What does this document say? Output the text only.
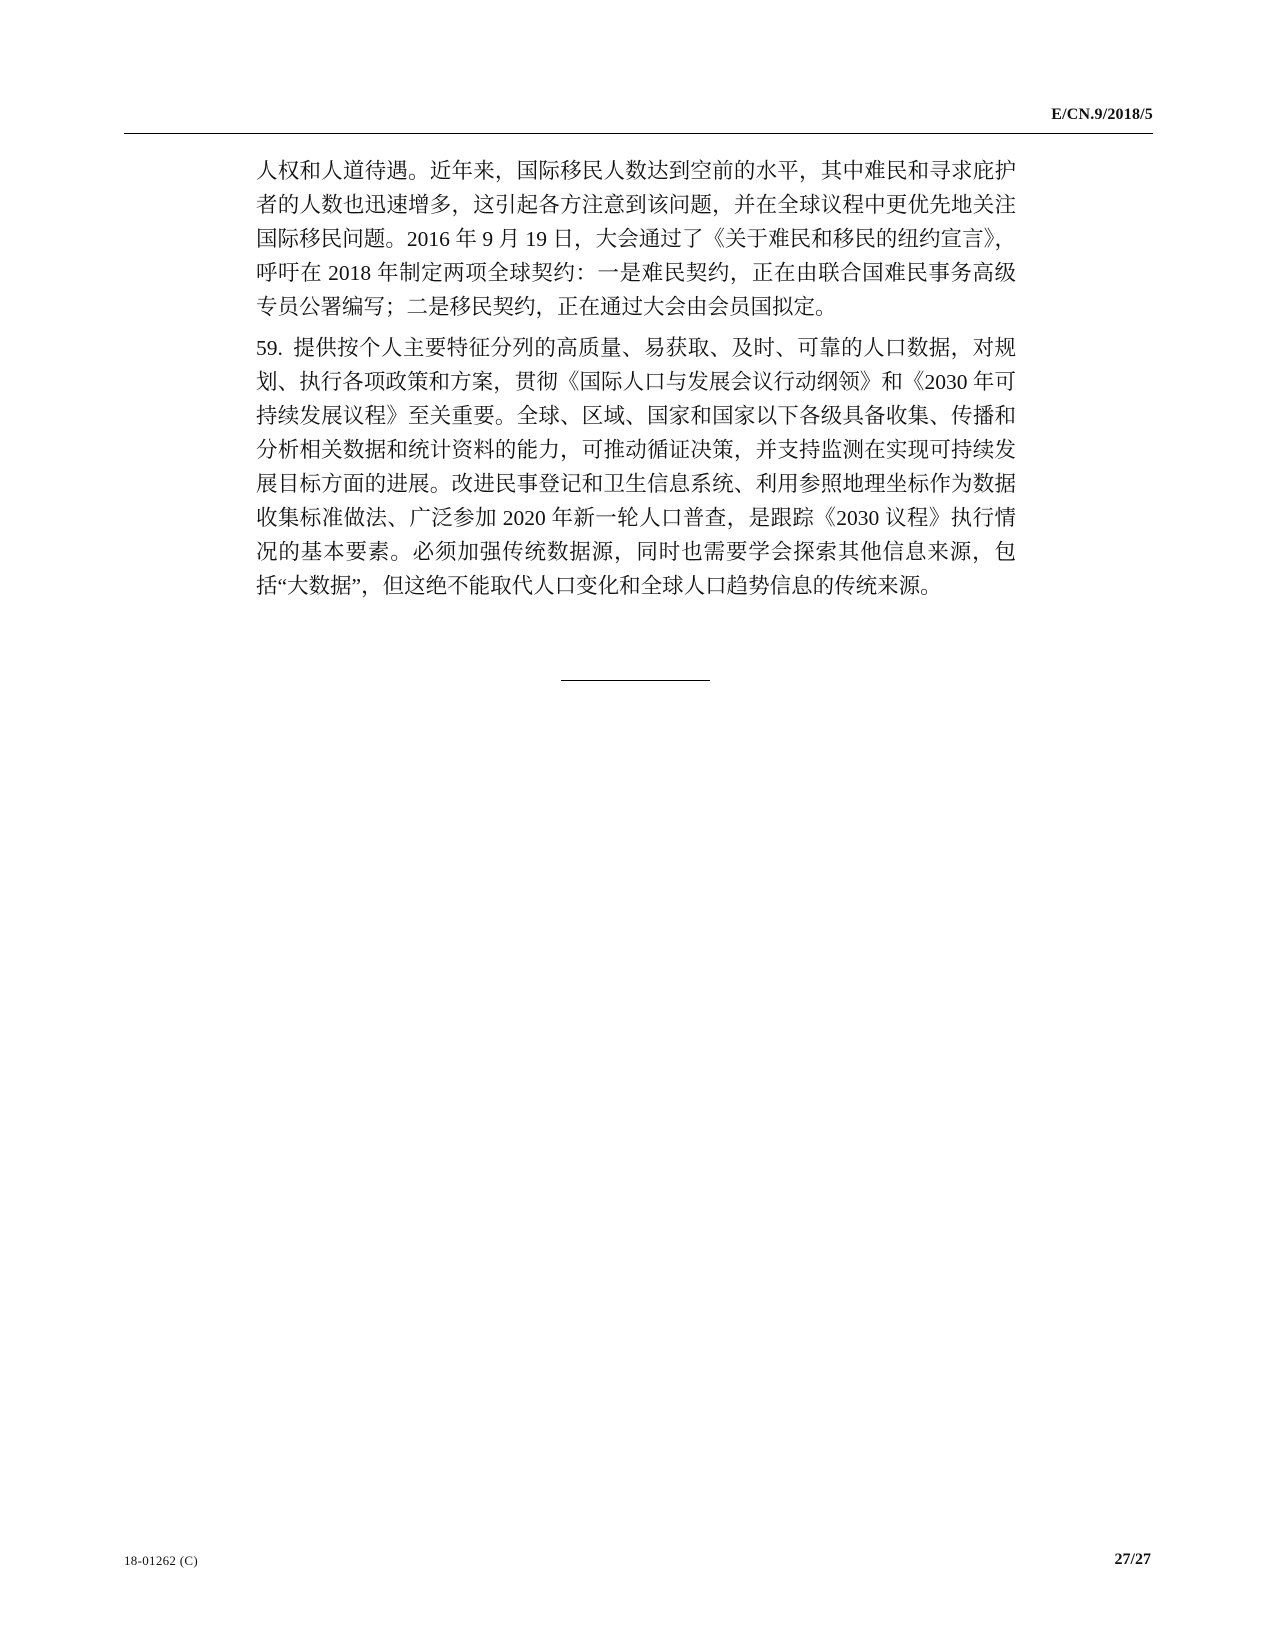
E/CN.9/2018/5

人权和人道待遇。近年来，国际移民人数达到空前的水平，其中难民和寻求庇护者的人数也迅速增多，这引起各方注意到该问题，并在全球议程中更优先地关注国际移民问题。2016 年 9 月 19 日，大会通过了《关于难民和移民的纽约宣言》，呼吁在 2018 年制定两项全球契约：一是难民契约，正在由联合国难民事务高级专员公署编写；二是移民契约，正在通过大会由会员国拟定。

59. 提供按个人主要特征分列的高质量、易获取、及时、可靠的人口数据，对规划、执行各项政策和方案，贯彻《国际人口与发展会议行动纲领》和《2030 年可持续发展议程》至关重要。全球、区域、国家和国家以下各级具备收集、传播和分析相关数据和统计资料的能力，可推动循证决策，并支持监测在实现可持续发展目标方面的进展。改进民事登记和卫生信息系统、利用参照地理坐标作为数据收集标准做法、广泛参加 2020 年新一轮人口普查，是跟踪《2030 议程》执行情况的基本要素。必须加强传统数据源，同时也需要学会探索其他信息来源，包括“大数据”，但这绝不能取代人口变化和全球人口趋势信息的传统来源。

18-01262 (C)	27/27
